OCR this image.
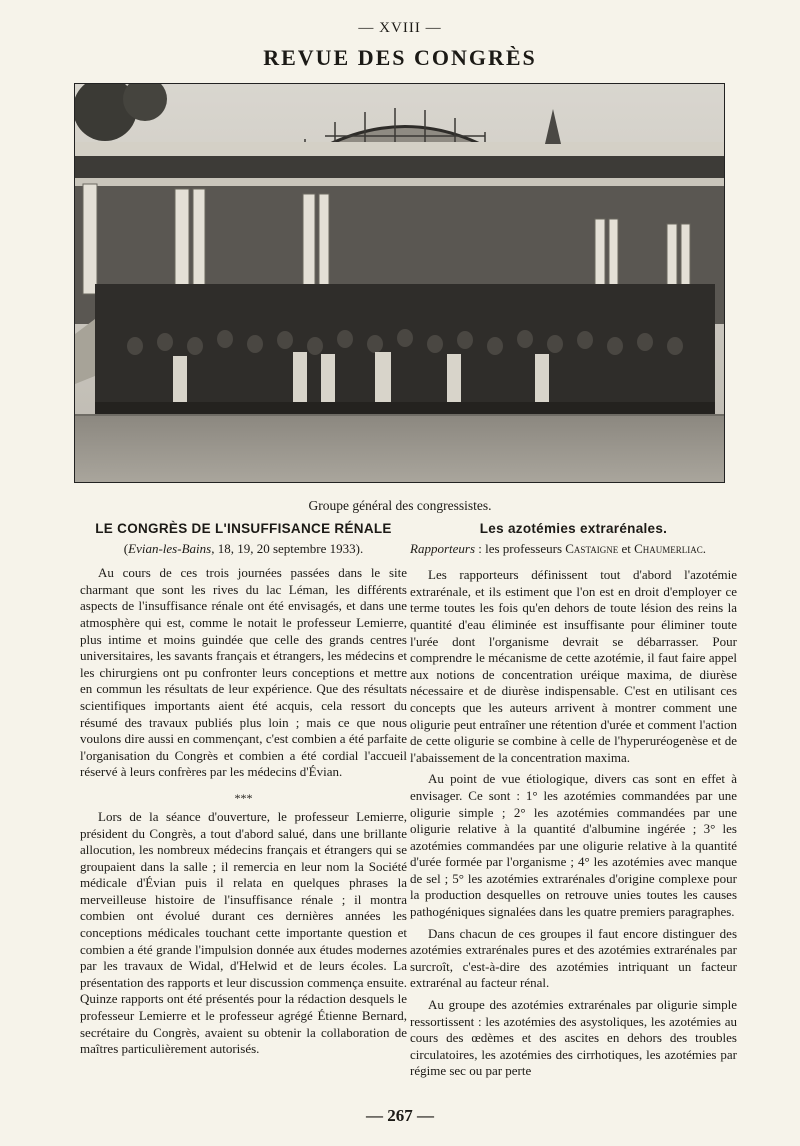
— XVIII —
REVUE DES CONGRÈS
Groupe général des congressistes.
LE CONGRÈS DE L'INSUFFISANCE RÉNALE
(Evian-les-Bains, 18, 19, 20 septembre 1933).

Au cours de ces trois journées passées dans le site charmant que sont les rives du lac Léman, les différents aspects de l'insuffisance rénale ont été envisagés, et dans une atmosphère qui est, comme le notait le professeur Lemierre, plus intime et moins guindée que celle des grands centres universitaires, les savants français et étrangers, les médecins et les chirurgiens ont pu confronter leurs conceptions et mettre en commun les résultats de leur expérience. Que des résultats scientifiques importants aient été acquis, cela ressort du résumé des travaux publiés plus loin ; mais ce que nous voulons dire aussi en commençant, c'est combien a été parfaite l'organisation du Congrès et combien a été cordial l'accueil réservé à leurs confrères par les médecins d'Évian.

***

Lors de la séance d'ouverture, le professeur Lemierre, président du Congrès, a tout d'abord salué, dans une brillante allocution, les nombreux médecins français et étrangers qui se groupaient dans la salle ; il remercia en leur nom la Société médicale d'Évian puis il relata en quelques phrases la merveilleuse histoire de l'insuffisance rénale ; il montra combien ont évolué durant ces dernières années les conceptions médicales touchant cette importante question et combien a été grande l'impulsion donnée aux études modernes par les travaux de Widal, d'Helwid et de leurs écoles. La présentation des rapports et leur discussion commença ensuite. Quinze rapports ont été présentés pour la rédaction desquels le professeur Lemierre et le professeur agrégé Étienne Bernard, secrétaire du Congrès, avaient su obtenir la collaboration de maîtres particulièrement autorisés.

Les azotémies extrarénales.
Rapporteurs : les professeurs Castaigne et Chaumerliac.

Les rapporteurs définissent tout d'abord l'azotémie extrarénale, et ils estiment que l'on est en droit d'employer ce terme toutes les fois qu'en dehors de toute lésion des reins la quantité d'eau éliminée est insuffisante pour éliminer toute l'urée dont l'organisme devrait se débarrasser. Pour comprendre le mécanisme de cette azotémie, il faut faire appel aux notions de concentration uréique maxima, de diurèse nécessaire et de diurèse indispensable. C'est en utilisant ces concepts que les auteurs arrivent à montrer comment une oligurie peut entraîner une rétention d'urée et comment l'action de cette oligurie se combine à celle de l'hyperuréogenèse et de l'abaissement de la concentration maxima.

Au point de vue étiologique, divers cas sont en effet à envisager. Ce sont : 1° les azotémies commandées par une oligurie simple ; 2° les azotémies commandées par une oligurie relative à la quantité d'albumine ingérée ; 3° les azotémies commandées par une oligurie relative à la quantité d'urée formée par l'organisme ; 4° les azotémies avec manque de sel ; 5° les azotémies extrarénales d'origine complexe pour la production desquelles on retrouve unies toutes les causes pathogéniques signalées dans les quatre premiers paragraphes.

Dans chacun de ces groupes il faut encore distinguer des azotémies extrarénales pures et des azotémies extrarénales par surcroît, c'est-à-dire des azotémies intriquant un facteur extrarénal au facteur rénal.

Au groupe des azotémies extrarénales par oligurie simple ressortissent : les azotémies des asystoliques, les azotémies au cours des œdèmes et des ascites en dehors des troubles circulatoires, les azotémies des cirrhotiques, les azotémies par régime sec ou par perte

— 267 —
